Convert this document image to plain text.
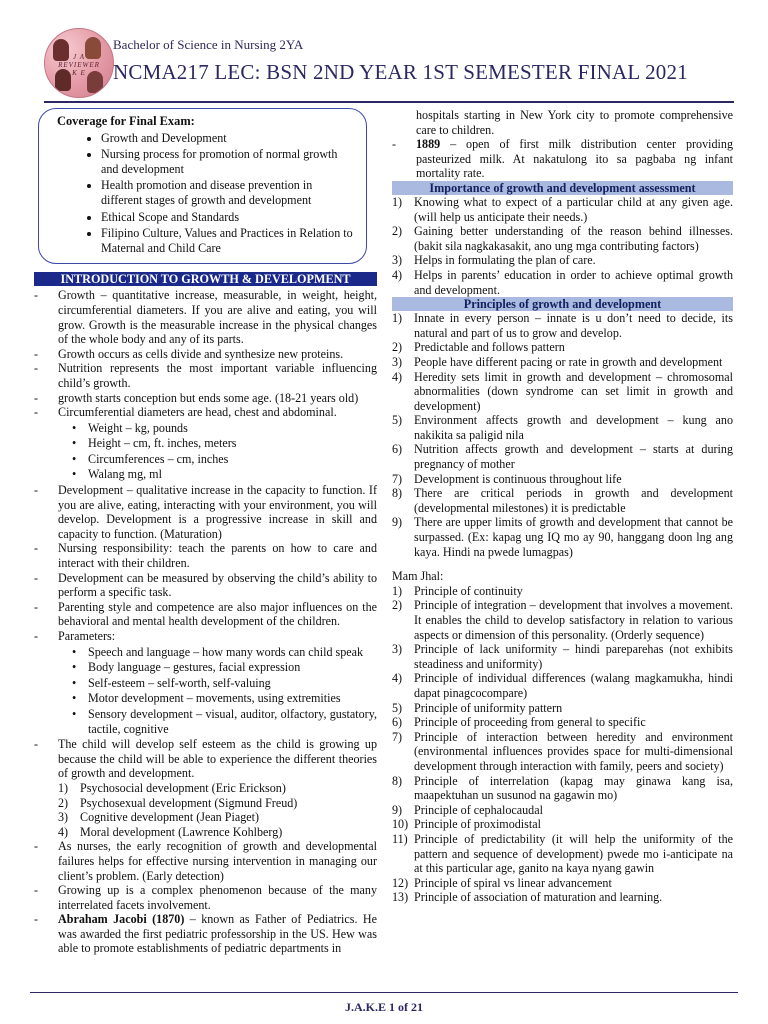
J A
REVIEWER
K E
Bachelor of Science in Nursing 2YA
NCMA217 LEC: BSN 2ND YEAR 1ST SEMESTER FINAL 2021
Coverage for Final Exam:
• Growth and Development
• Nursing process for promotion of normal growth and development
• Health promotion and disease prevention in different stages of growth and development
• Ethical Scope and Standards
• Filipino Culture, Values and Practices in Relation to Maternal and Child Care
INTRODUCTION TO GROWTH & DEVELOPMENT
-	Growth – quantitative increase, measurable, in weight, height, circumferential diameters. If you are alive and eating, you will grow. Growth is the measurable increase in the physical changes of the whole body and any of its parts.
-	Growth occurs as cells divide and synthesize new proteins.
-	Nutrition represents the most important variable influencing child’s growth.
-	growth starts conception but ends some age. (18-21 years old)
-	Circumferential diameters are head, chest and abdominal.
• Weight – kg, pounds
• Height – cm, ft. inches, meters
• Circumferences – cm, inches
• Walang mg, ml
-	Development – qualitative increase in the capacity to function. If you are alive, eating, interacting with your environment, you will develop. Development is a progressive increase in skill and capacity to function. (Maturation)
-	Nursing responsibility: teach the parents on how to care and interact with their children.
-	Development can be measured by observing the child’s ability to perform a specific task.
-	Parenting style and competence are also major influences on the behavioral and mental health development of the children.
-	Parameters:
• Speech and language – how many words can child speak
• Body language – gestures, facial expression
• Self-esteem – self-worth, self-valuing
• Motor development – movements, using extremities
• Sensory development – visual, auditor, olfactory, gustatory, tactile, cognitive
-	The child will develop self esteem as the child is growing up because the child will be able to experience the different theories of growth and development.
1) Psychosocial development (Eric Erickson)
2) Psychosexual development (Sigmund Freud)
3) Cognitive development (Jean Piaget)
4) Moral development (Lawrence Kohlberg)
-	As nurses, the early recognition of growth and developmental failures helps for effective nursing intervention in managing our client’s problem. (Early detection)
-	Growing up is a complex phenomenon because of the many interrelated facets involvement.
-	Abraham Jacobi (1870) – known as Father of Pediatrics. He was awarded the first pediatric professorship in the US. Hew was able to promote establishments of pediatric departments in
hospitals starting in New York city to promote comprehensive care to children.
-	1889 – open of first milk distribution center providing pasteurized milk. At nakatulong ito sa pagbaba ng infant mortality rate.
Importance of growth and development assessment
1) Knowing what to expect of a particular child at any given age. (will help us anticipate their needs.)
2) Gaining better understanding of the reason behind illnesses. (bakit sila nagkakasakit, ano ung mga contributing factors)
3) Helps in formulating the plan of care.
4) Helps in parents’ education in order to achieve optimal growth and development.
Principles of growth and development
1) Innate in every person – innate is u don’t need to decide, its natural and part of us to grow and develop.
2) Predictable and follows pattern
3) People have different pacing or rate in growth and development
4) Heredity sets limit in growth and development – chromosomal abnormalities (down syndrome can set limit in growth and development)
5) Environment affects growth and development – kung ano nakikita sa paligid nila
6) Nutrition affects growth and development – starts at during pregnancy of mother
7) Development is continuous throughout life
8) There are critical periods in growth and development (developmental milestones) it is predictable
9) There are upper limits of growth and development that cannot be surpassed. (Ex: kapag ung IQ mo ay 90, hanggang doon lng ang kaya. Hindi na pwede lumagpas)
Mam Jhal:
1) Principle of continuity
2) Principle of integration – development that involves a movement. It enables the child to develop satisfactory in relation to various aspects or dimension of this personality. (Orderly sequence)
3) Principle of lack uniformity – hindi pareparehas (not exhibits steadiness and uniformity)
4) Principle of individual differences (walang magkamukha, hindi dapat pinagcocompare)
5) Principle of uniformity pattern
6) Principle of proceeding from general to specific
7) Principle of interaction between heredity and environment (environmental influences provides space for multi-dimensional development through interaction with family, peers and society)
8) Principle of interrelation (kapag may ginawa kang isa, maapektuhan un susunod na gagawin mo)
9) Principle of cephalocaudal
10) Principle of proximodistal
11) Principle of predictability (it will help the uniformity of the pattern and sequence of development) pwede mo i-anticipate na at this particular age, ganito na kaya nyang gawin
12) Principle of spiral vs linear advancement
13) Principle of association of maturation and learning.
J.A.K.E 1 of 21
